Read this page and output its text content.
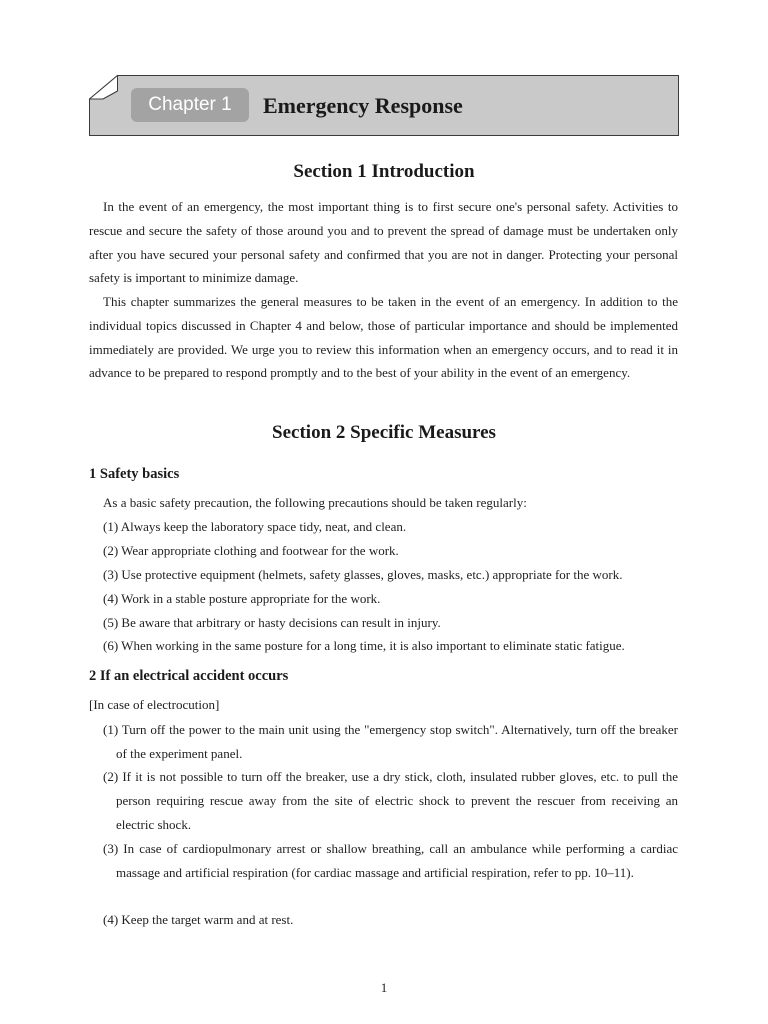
Chapter 1	Emergency Response
Section 1 Introduction

In the event of an emergency, the most important thing is to first secure one's personal safety. Activities to rescue and secure the safety of those around you and to prevent the spread of damage must be undertaken only after you have secured your personal safety and confirmed that you are not in danger. Protecting your personal safety is important to minimize damage.

This chapter summarizes the general measures to be taken in the event of an emergency. In addition to the individual topics discussed in Chapter 4 and below, those of particular importance and should be implemented immediately are provided. We urge you to review this information when an emergency occurs, and to read it in advance to be prepared to respond promptly and to the best of your ability in the event of an emergency.

Section 2 Specific Measures
1 Safety basics

As a basic safety precaution, the following precautions should be taken regularly:

(1) Always keep the laboratory space tidy, neat, and clean.

(2) Wear appropriate clothing and footwear for the work.

(3) Use protective equipment (helmets, safety glasses, gloves, masks, etc.) appropriate for the work.

(4) Work in a stable posture appropriate for the work.

(5) Be aware that arbitrary or hasty decisions can result in injury.

(6) When working in the same posture for a long time, it is also important to eliminate static fatigue.

2 If an electrical accident occurs

[In case of electrocution]

(1) Turn off the power to the main unit using the "emergency stop switch". Alternatively, turn off the breaker of the experiment panel.

(2) If it is not possible to turn off the breaker, use a dry stick, cloth, insulated rubber gloves, etc. to pull the person requiring rescue away from the site of electric shock to prevent the rescuer from receiving an electric shock.

(3) In case of cardiopulmonary arrest or shallow breathing, call an ambulance while performing a cardiac massage and artificial respiration (for cardiac massage and artificial respiration, refer to pp. 10–11).

(4) Keep the target warm and at rest.

1
